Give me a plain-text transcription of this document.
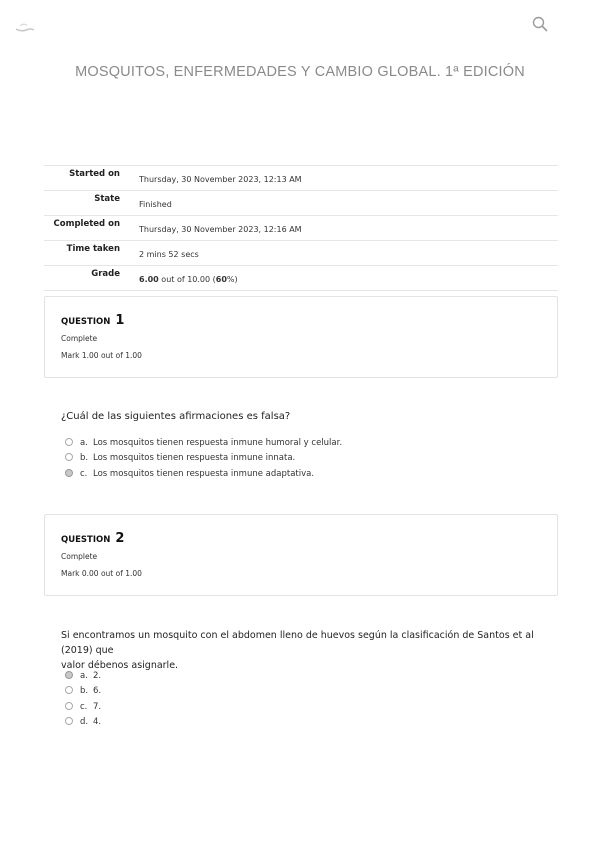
MOSQUITOS, ENFERMEDADES Y CAMBIO GLOBAL. 1ª EDICIÓN
Started on
Thursday, 30 November 2023, 12:13 AM
State
Finished
Completed on
Thursday, 30 November 2023, 12:16 AM
Time taken
2 mins 52 secs
Grade
6.00 out of 10.00 (60%)
QUESTION 1
Complete
Mark 1.00 out of 1.00
¿Cuál de las siguientes afirmaciones es falsa?
a. Los mosquitos tienen respuesta inmune humoral y celular.
b. Los mosquitos tienen respuesta inmune innata.
c. Los mosquitos tienen respuesta inmune adaptativa.
QUESTION 2
Complete
Mark 0.00 out of 1.00
Si encontramos un mosquito con el abdomen lleno de huevos según la clasificación de Santos et al (2019) que
valor débenos asignarle.
a. 2.
b. 6.
c. 7.
d. 4.
